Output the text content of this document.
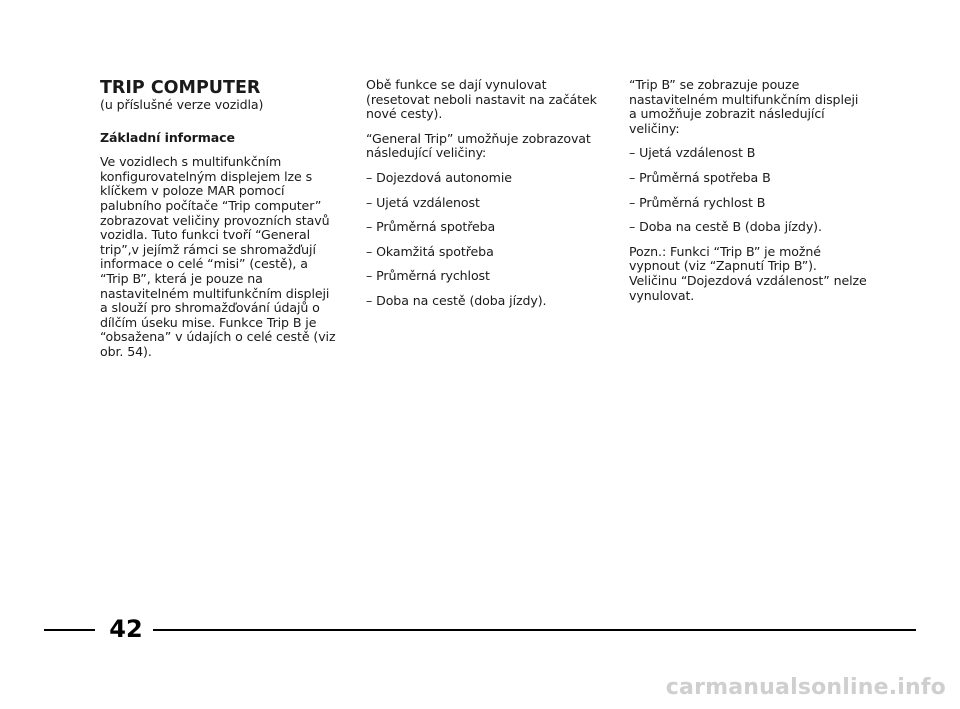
TRIP COMPUTER

(u příslušné verze vozidla)

Základní informace

Ve vozidlech s multifunkčním konfigurovatelným displejem lze s klíčkem v poloze MAR pomocí palubního počítače “Trip computer” zobrazovat veličiny provozních stavů vozidla. Tuto funkci tvoří “General trip”,v jejímž rámci se shromažďují informace o celé “misi” (cestě), a “Trip B”, která je pouze na nastavitelném multifunkčním displeji a slouží pro shromažďování údajů o dílčím úseku mise. Funkce Trip B je “obsažena” v údajích o celé cestě (viz obr. 54).

Obě funkce se dají vynulovat (resetovat neboli nastavit na začátek nové cesty).

“General Trip” umožňuje zobrazovat následující veličiny:

– Dojezdová autonomie
– Ujetá vzdálenost
– Průměrná spotřeba
– Okamžitá spotřeba
– Průměrná rychlost
– Doba na cestě (doba jízdy).

“Trip B” se zobrazuje pouze nastavitelném multifunkčním displeji a umožňuje zobrazit následující veličiny:

– Ujetá vzdálenost B
– Průměrná spotřeba B
– Průměrná rychlost B
– Doba na cestě B (doba jízdy).

Pozn.: Funkci “Trip B” je možné vypnout (viz “Zapnutí Trip B”). Veličinu “Dojezdová vzdálenost” nelze vynulovat.

42
carmanualsonline.info
